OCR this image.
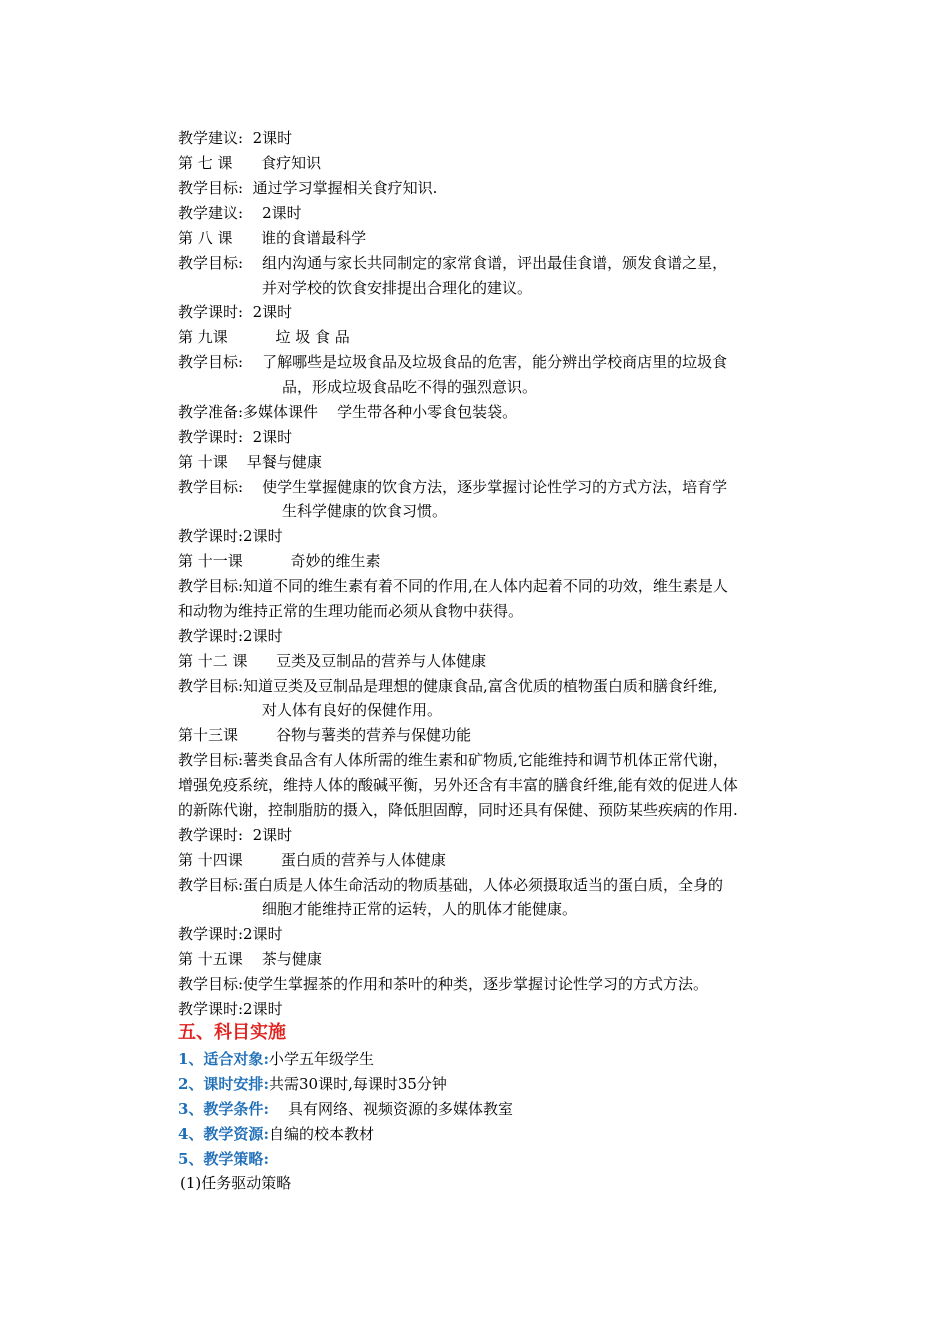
教学建议:  2课时
第 七 课      食疗知识
教学目标:  通过学习掌握相关食疗知识.
教学建议:    2课时
第 八 课      谁的食谱最科学
教学目标:    组内沟通与家长共同制定的家常食谱，评出最佳食谱，颁发食谱之星，
并对学校的饮食安排提出合理化的建议。
教学课时:  2课时
第 九课          垃 圾 食 品
教学目标:    了解哪些是垃圾食品及垃圾食品的危害，能分辨出学校商店里的垃圾食
品，形成垃圾食品吃不得的强烈意识。
教学准备:多媒体课件    学生带各种小零食包装袋。
教学课时:  2课时
第 十课    早餐与健康
教学目标:    使学生掌握健康的饮食方法，逐步掌握讨论性学习的方式方法，培育学
生科学健康的饮食习惯。
教学课时:2课时
第 十一课          奇妙的维生素
教学目标:知道不同的维生素有着不同的作用,在人体内起着不同的功效，维生素是人
和动物为维持正常的生理功能而必须从食物中获得。
教学课时:2课时
第 十二 课      豆类及豆制品的营养与人体健康
教学目标:知道豆类及豆制品是理想的健康食品,富含优质的植物蛋白质和膳食纤维,
对人体有良好的保健作用。
第十三课        谷物与薯类的营养与保健功能
教学目标:薯类食品含有人体所需的维生素和矿物质,它能维持和调节机体正常代谢，
增强免疫系统，维持人体的酸碱平衡，另外还含有丰富的膳食纤维,能有效的促进人体
的新陈代谢，控制脂肪的摄入，降低胆固醇，同时还具有保健、预防某些疾病的作用.
教学课时:  2课时
第 十四课        蛋白质的营养与人体健康
教学目标:蛋白质是人体生命活动的物质基础，人体必须摄取适当的蛋白质，全身的
细胞才能维持正常的运转，人的肌体才能健康。
教学课时:2课时
第 十五课    茶与健康
教学目标:使学生掌握茶的作用和茶叶的种类，逐步掌握讨论性学习的方式方法。
教学课时:2课时
五、科目实施
1、适合对象:小学五年级学生
2、课时安排:共需30课时,每课时35分钟
3、教学条件:    具有网络、视频资源的多媒体教室
4、教学资源:自编的校本教材
5、教学策略:
(1)任务驱动策略
